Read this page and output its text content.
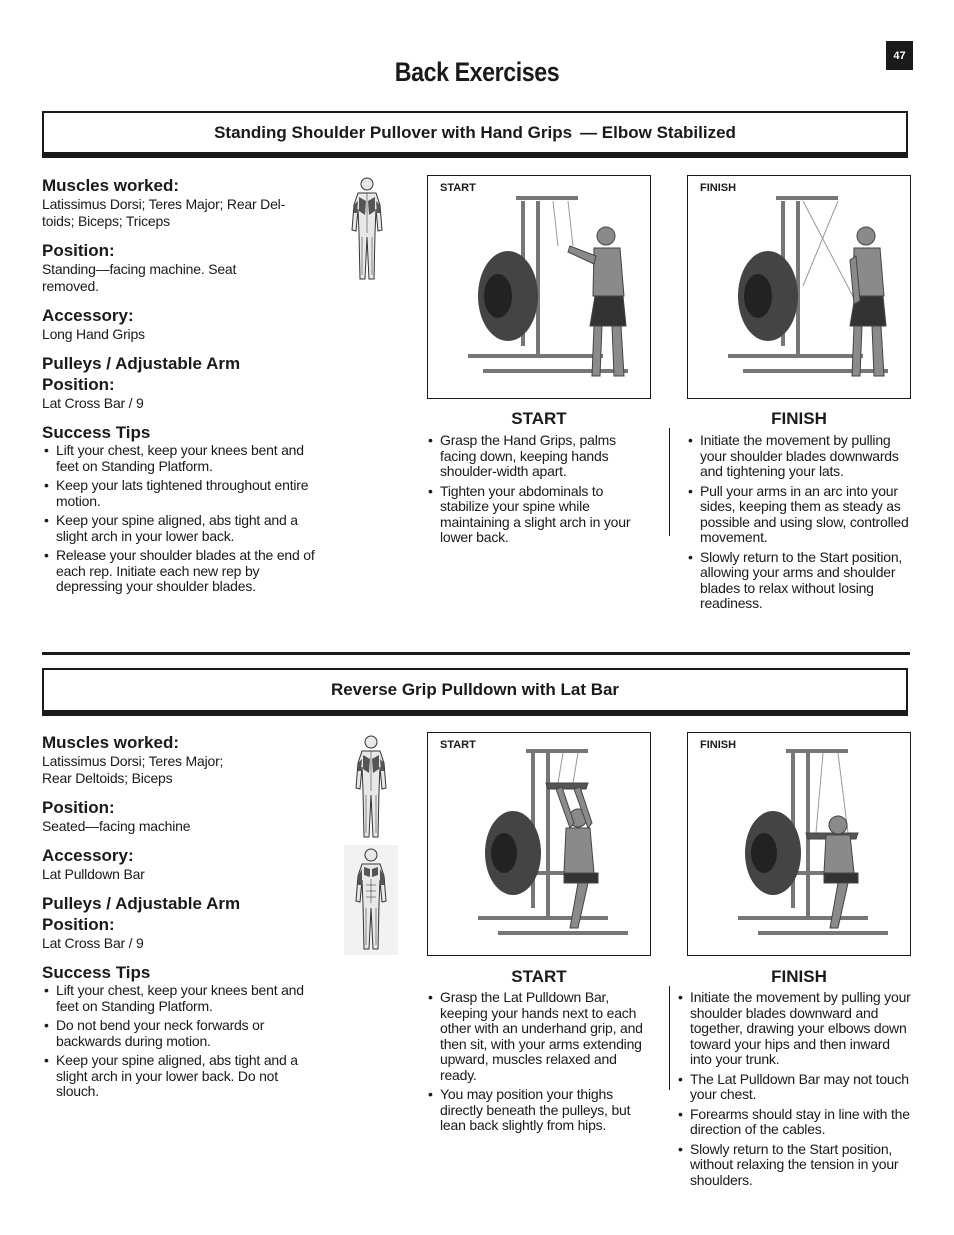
47
Back Exercises
Standing Shoulder Pullover with Hand Grips — Elbow Stabilized

Muscles worked:

Latissimus Dorsi; Teres Major; Rear Del-
toids; Biceps; Triceps

Position:

Standing—facing machine. Seat
removed.

Accessory:

Long Hand Grips

Pulleys / Adjustable Arm
Position:

Lat Cross Bar / 9

Success Tips

• Lift your chest, keep your knees bent and feet on Standing Platform.
• Keep your lats tightened throughout entire motion.
• Keep your spine aligned, abs tight and a slight arch in your lower back.
• Release your shoulder blades at the end of each rep. Initiate each new rep by depressing your shoulder blades.
START	FINISH
START	FINISH
• Grasp the Hand Grips, palms facing down, keeping hands shoulder-width apart.
• Tighten your abdominals to stabilize your spine while maintaining a slight arch in your lower back.
• Initiate the movement by pulling your shoulder blades downwards and tightening your lats.
• Pull your arms in an arc into your sides, keeping them as steady as possible and using slow, controlled movement.
• Slowly return to the Start position, allowing your arms and shoulder blades to relax without losing readiness.
Reverse Grip Pulldown with Lat Bar

Muscles worked:

Latissimus Dorsi; Teres Major;
Rear Deltoids; Biceps

Position:

Seated—facing machine

Accessory:

Lat Pulldown Bar

Pulleys / Adjustable Arm
Position:

Lat Cross Bar / 9

Success Tips

• Lift your chest, keep your knees bent and feet on Standing Platform.
• Do not bend your neck forwards or backwards during motion.
• Keep your spine aligned, abs tight and a slight arch in your lower back. Do not slouch.
START	FINISH
START	FINISH
• Grasp the Lat Pulldown Bar, keeping your hands next to each other with an underhand grip, and then sit, with your arms extending upward, muscles relaxed and ready.
• You may position your thighs directly beneath the pulleys, but lean back slightly from hips.
• Initiate the movement by pulling your shoulder blades downward and together, drawing your elbows down toward your hips and then inward into your trunk.
• The Lat Pulldown Bar may not touch your chest.
• Forearms should stay in line with the direction of the cables.
• Slowly return to the Start position, without relaxing the tension in your shoulders.
